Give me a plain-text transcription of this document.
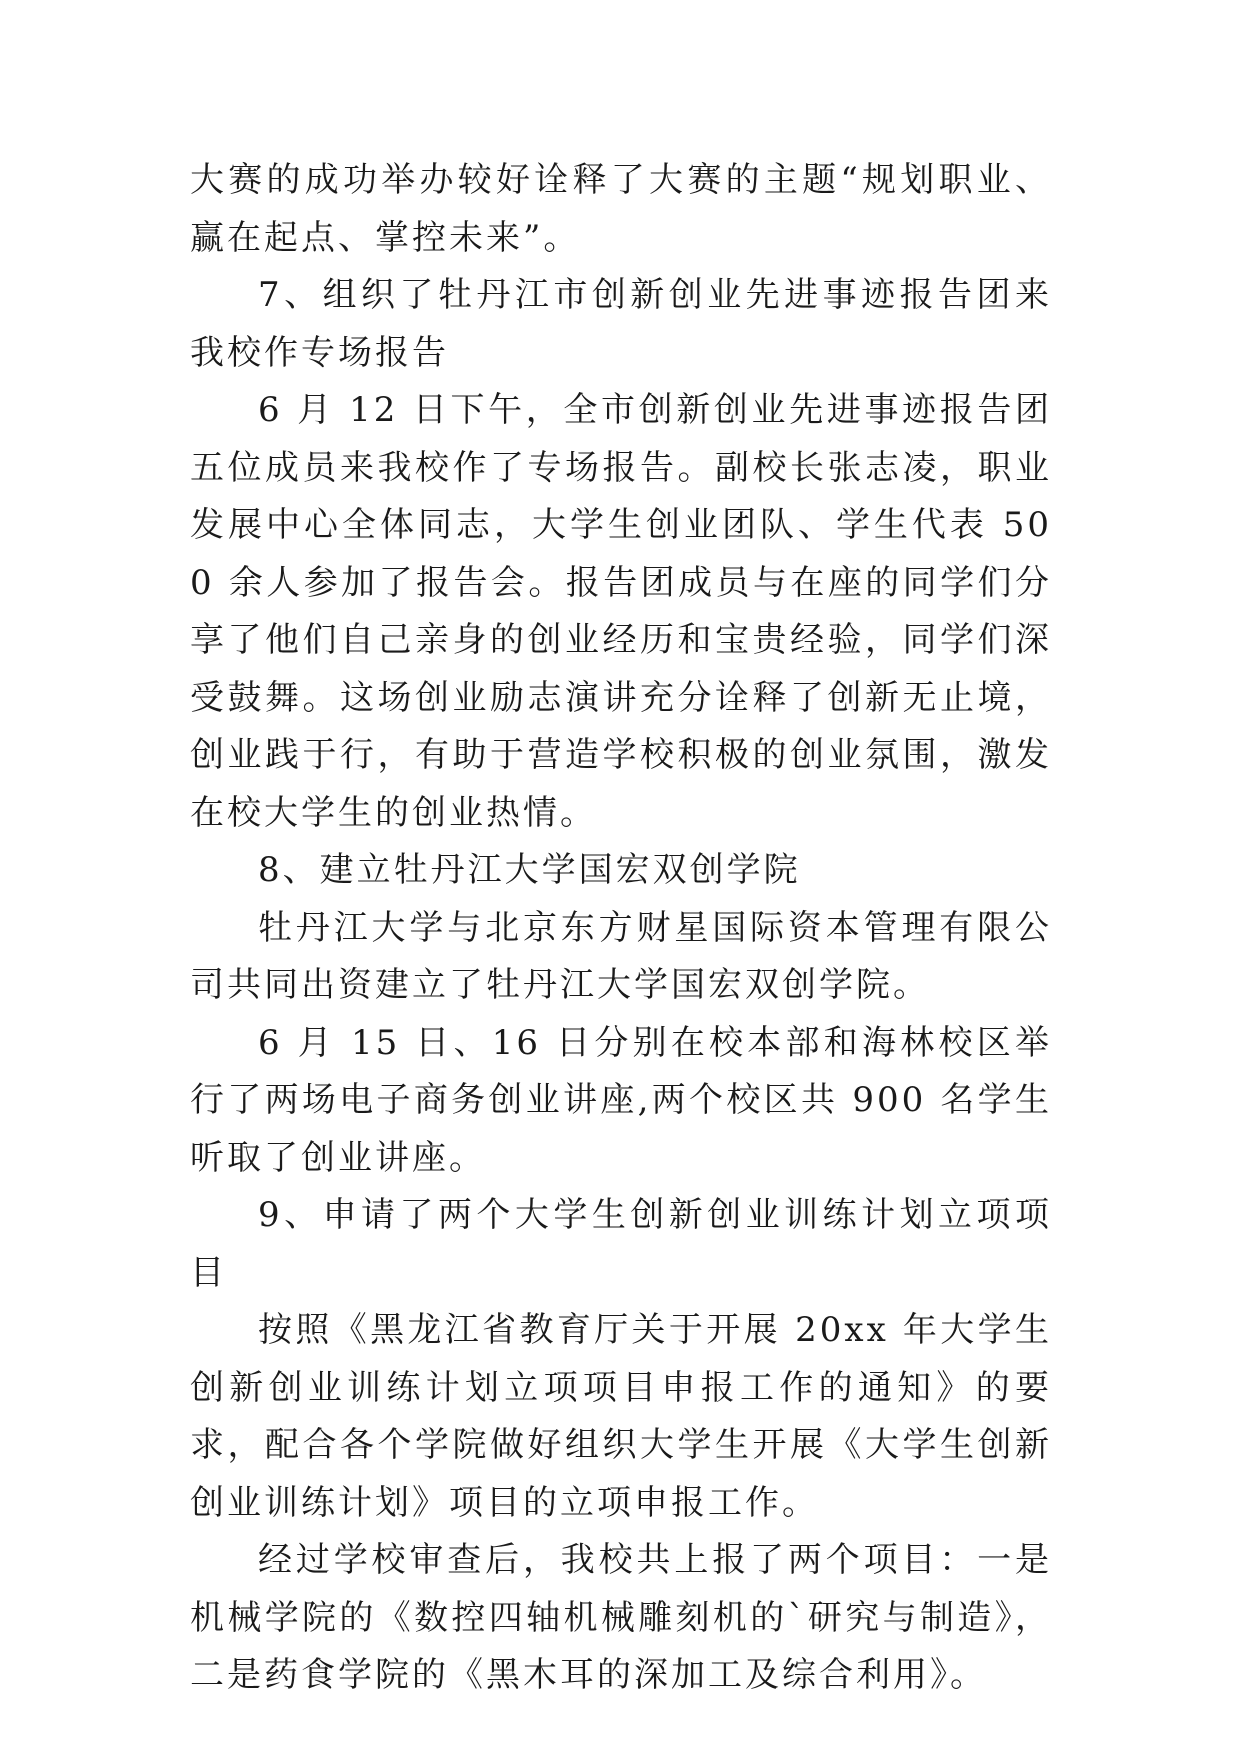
大赛的成功举办较好诠释了大赛的主题“规划职业、赢在起点、掌控未来”。

7、组织了牡丹江市创新创业先进事迹报告团来我校作专场报告

6 月 12 日下午，全市创新创业先进事迹报告团五位成员来我校作了专场报告。副校长张志凌，职业发展中心全体同志，大学生创业团队、学生代表 500 余人参加了报告会。报告团成员与在座的同学们分享了他们自己亲身的创业经历和宝贵经验，同学们深受鼓舞。这场创业励志演讲充分诠释了创新无止境，创业践于行，有助于营造学校积极的创业氛围，激发在校大学生的创业热情。

8、建立牡丹江大学国宏双创学院

牡丹江大学与北京东方财星国际资本管理有限公司共同出资建立了牡丹江大学国宏双创学院。

6 月 15 日、16 日分别在校本部和海林校区举行了两场电子商务创业讲座,两个校区共 900 名学生听取了创业讲座。

9、申请了两个大学生创新创业训练计划立项项目

按照《黑龙江省教育厅关于开展 20xx 年大学生创新创业训练计划立项项目申报工作的通知》的要求，配合各个学院做好组织大学生开展《大学生创新创业训练计划》项目的立项申报工作。

经过学校审查后，我校共上报了两个项目：一是机械学院的《数控四轴机械雕刻机的`研究与制造》，二是药食学院的《黑木耳的深加工及综合利用》。
